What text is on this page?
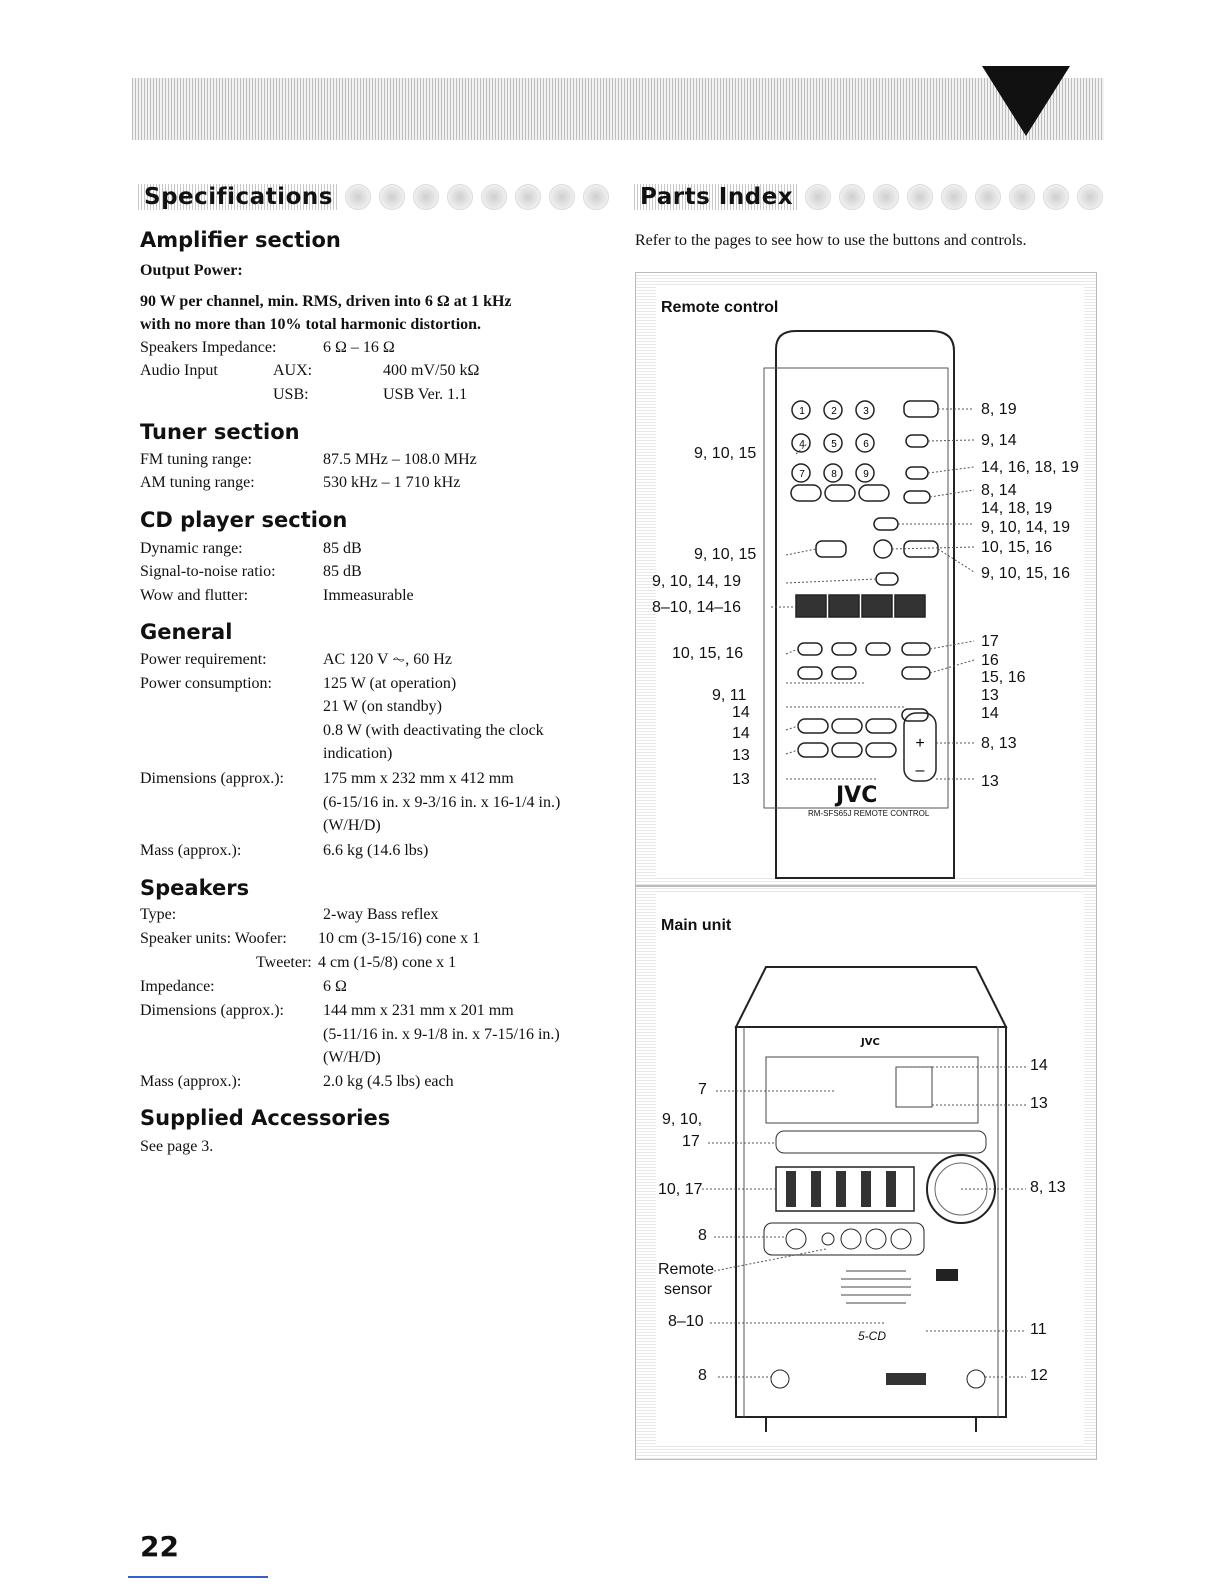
Specifications
Amplifier section
Output Power:
90 W per channel, min. RMS, driven into 6 Ω at 1 kHz
with no more than 10% total harmonic distortion.
Speakers Impedance:	6 Ω – 16 Ω
Audio Input	AUX:	400 mV/50 kΩ
USB:	USB Ver. 1.1
Tuner section
FM tuning range:	87.5 MHz – 108.0 MHz
AM tuning range:	530 kHz – 1 710 kHz
CD player section
Dynamic range:	85 dB
Signal-to-noise ratio:	85 dB
Wow and flutter:	Immeasurable
General
Power requirement:	AC 120 V ⏦, 60 Hz
Power consumption:	125 W (at operation)
21 W (on standby)
0.8 W (with deactivating the clock
indication)
Dimensions (approx.): 175 mm x 232 mm x 412 mm
(6-15/16 in. x 9-3/16 in. x 16-1/4 in.)
(W/H/D)
Mass (approx.):	6.6 kg (14.6 lbs)
Speakers
Type:	2-way Bass reflex
Speaker units: Woofer: 10 cm (3-15/16) cone x 1
Tweeter: 4 cm (1-5/8) cone x 1
Impedance:	6 Ω
Dimensions (approx.): 144 mm x 231 mm x 201 mm
(5-11/16 in. x 9-1/8 in. x 7-15/16 in.)
(W/H/D)
Mass (approx.):	2.0 kg (4.5 lbs) each
Supplied Accessories
See page 3.
Parts Index
Refer to the pages to see how to use the buttons and controls.
Remote control
1	2	3
4	5	6
7	8	9
+
–
9, 10, 15
9, 10, 15
9, 10, 14, 19
8–10, 14–16
10, 15, 16
9, 11
14
14
13
13
8, 19
9, 14
14, 16, 18, 19
8, 14
14, 18, 19
9, 10, 14, 19
10, 15, 16
9, 10, 15, 16
17
16
15, 16
13
14
8, 13
13
JVC
RM-SFS65J REMOTE CONTROL
Main unit
JVC
5-CD
7
9, 10,
17
10, 17
8
Remote
sensor
8–10
8
14
13
8, 13
11
12
22
